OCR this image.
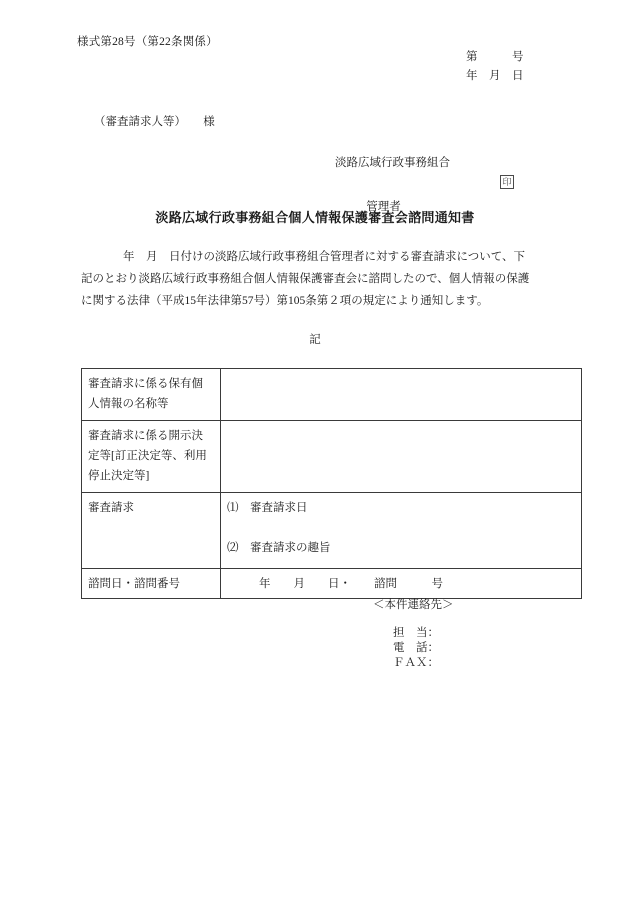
様式第28号（第22条関係）
第　　　号
年　月　日
（審査請求人等）　　様
淡路広域行政事務組合

管理者

印

淡路広域行政事務組合個人情報保護審査会諮問通知書

年　月　日付けの淡路広域行政事務組合管理者に対する審査請求について、下

記のとおり淡路広域行政事務組合個人情報保護審査会に諮問したので、個人情報の保護

に関する法律（平成15年法律第57号）第105条第２項の規定により通知します。

記
審査請求に係る保有個
人情報の名称等	

審査請求に係る開示決
定等[訂正決定等、利用
停止決定等]	

審査請求	⑴　審査請求日
⑵　審査請求の趣旨

諮問日・諮問番号	年　　月　　日・　　諮問　　　号
＜本件連絡先＞
担　当：
電　話：
ＦＡＸ：
